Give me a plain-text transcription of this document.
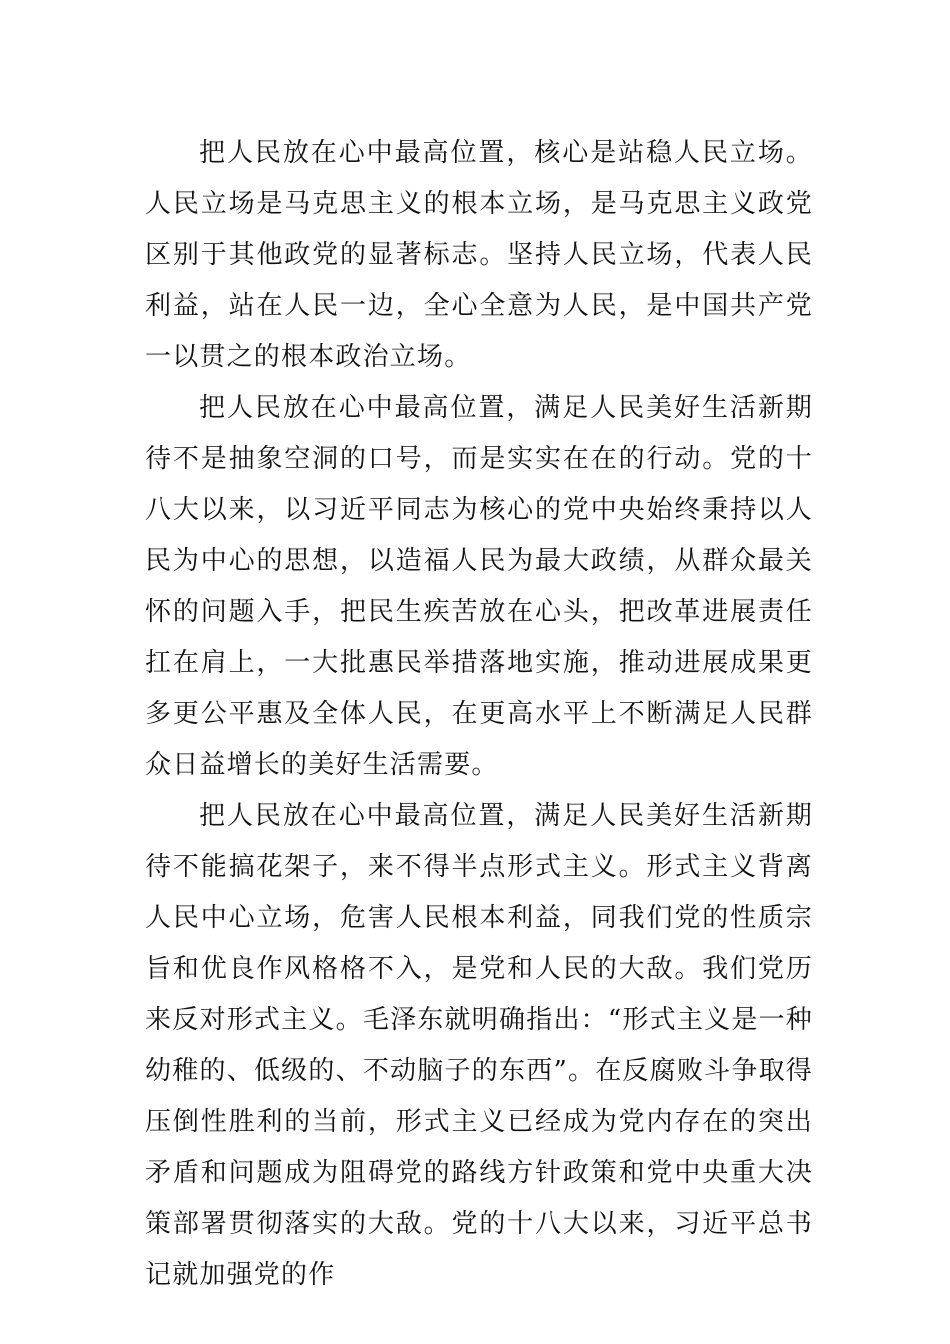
把人民放在心中最高位置，核心是站稳人民立场。人民立场是马克思主义的根本立场，是马克思主义政党区别于其他政党的显著标志。坚持人民立场，代表人民利益，站在人民一边，全心全意为人民，是中国共产党一以贯之的根本政治立场。

把人民放在心中最高位置，满足人民美好生活新期待不是抽象空洞的口号，而是实实在在的行动。党的十八大以来，以习近平同志为核心的党中央始终秉持以人民为中心的思想，以造福人民为最大政绩，从群众最关怀的问题入手，把民生疾苦放在心头，把改革进展责任扛在肩上，一大批惠民举措落地实施，推动进展成果更多更公平惠及全体人民，在更高水平上不断满足人民群众日益增长的美好生活需要。

把人民放在心中最高位置，满足人民美好生活新期待不能搞花架子，来不得半点形式主义。形式主义背离人民中心立场，危害人民根本利益，同我们党的性质宗旨和优良作风格格不入，是党和人民的大敌。我们党历来反对形式主义。毛泽东就明确指出：“形式主义是一种幼稚的、低级的、不动脑子的东西”。在反腐败斗争取得压倒性胜利的当前，形式主义已经成为党内存在的突出矛盾和问题成为阻碍党的路线方针政策和党中央重大决策部署贯彻落实的大敌。党的十八大以来，习近平总书记就加强党的作
